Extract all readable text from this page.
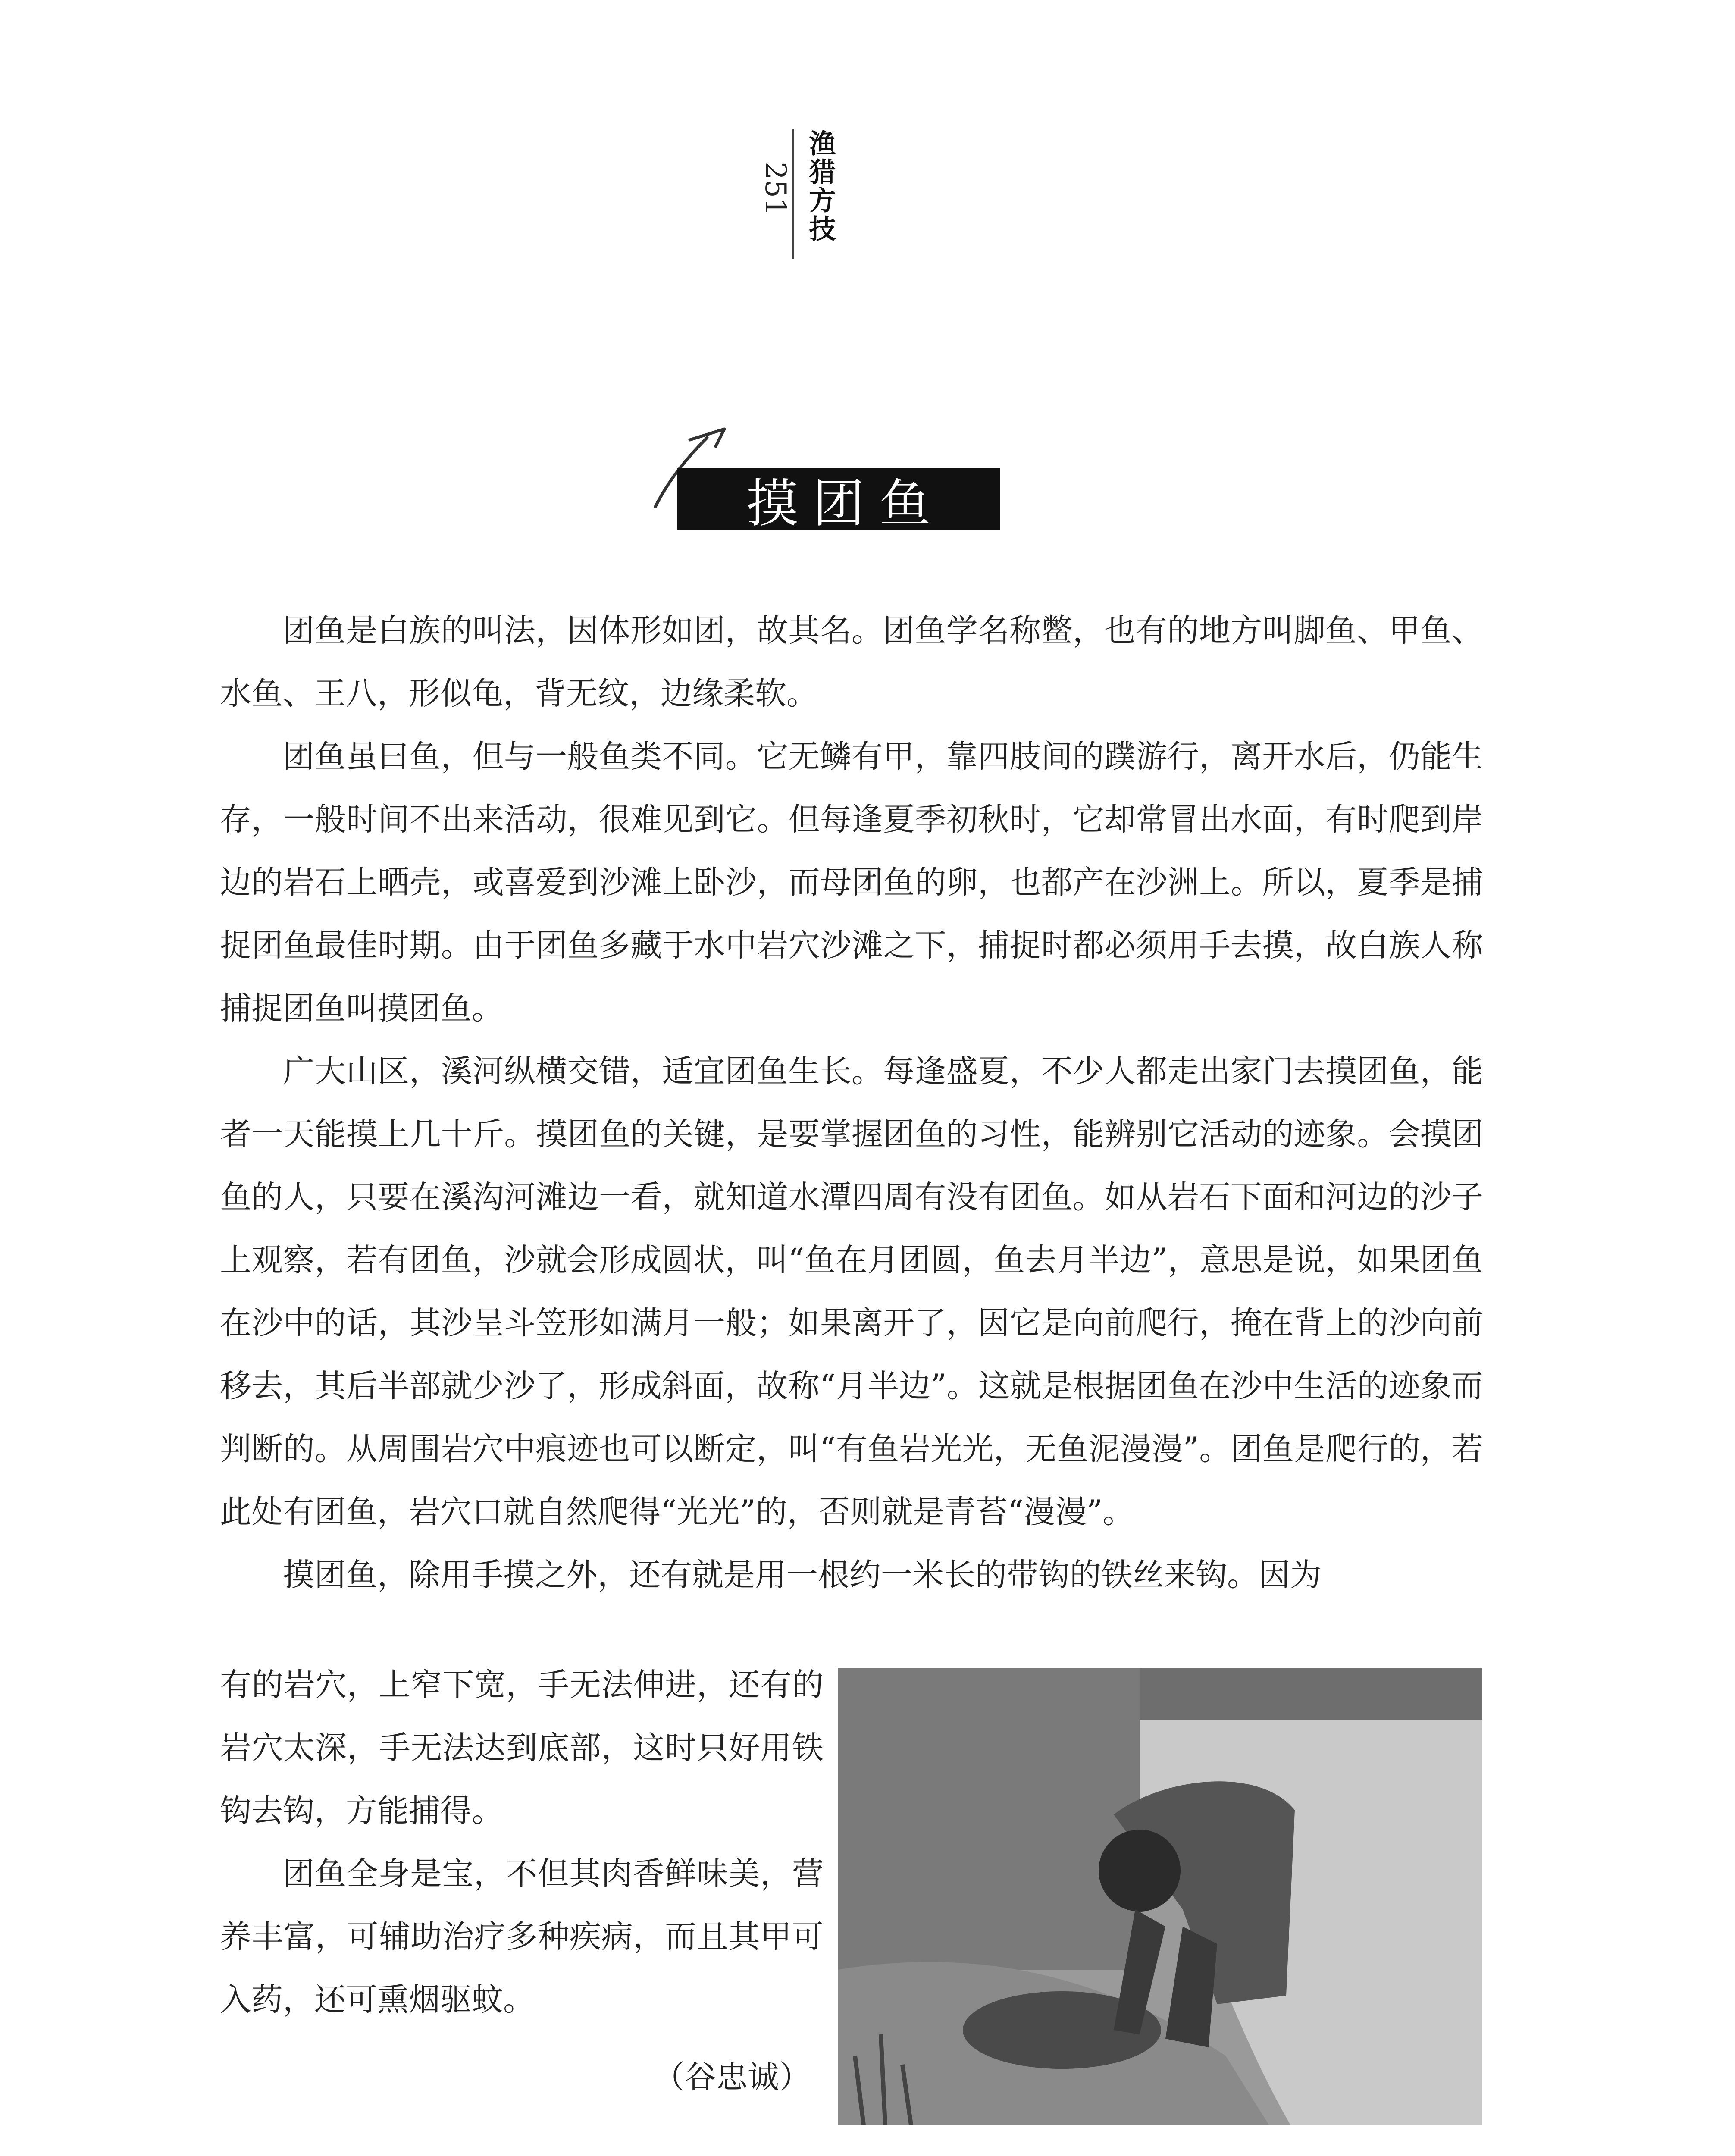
渔猎方技
251
摸团鱼

团鱼是白族的叫法，因体形如团，故其名。团鱼学名称鳖，也有的地方叫脚鱼、甲鱼、水鱼、王八，形似龟，背无纹，边缘柔软。

团鱼虽曰鱼，但与一般鱼类不同。它无鳞有甲，靠四肢间的蹼游行，离开水后，仍能生存，一般时间不出来活动，很难见到它。但每逢夏季初秋时，它却常冒出水面，有时爬到岸边的岩石上晒壳，或喜爱到沙滩上卧沙，而母团鱼的卵，也都产在沙洲上。所以，夏季是捕捉团鱼最佳时期。由于团鱼多藏于水中岩穴沙滩之下，捕捉时都必须用手去摸，故白族人称捕捉团鱼叫摸团鱼。

广大山区，溪河纵横交错，适宜团鱼生长。每逢盛夏，不少人都走出家门去摸团鱼，能者一天能摸上几十斤。摸团鱼的关键，是要掌握团鱼的习性，能辨别它活动的迹象。会摸团鱼的人，只要在溪沟河滩边一看，就知道水潭四周有没有团鱼。如从岩石下面和河边的沙子上观察，若有团鱼，沙就会形成圆状，叫“鱼在月团圆，鱼去月半边”，意思是说，如果团鱼在沙中的话，其沙呈斗笠形如满月一般；如果离开了，因它是向前爬行，掩在背上的沙向前移去，其后半部就少沙了，形成斜面，故称“月半边”。这就是根据团鱼在沙中生活的迹象而判断的。从周围岩穴中痕迹也可以断定，叫“有鱼岩光光，无鱼泥漫漫”。团鱼是爬行的，若此处有团鱼，岩穴口就自然爬得“光光”的，否则就是青苔“漫漫”。

摸团鱼，除用手摸之外，还有就是用一根约一米长的带钩的铁丝来钩。因为

有的岩穴，上窄下宽，手无法伸进，还有的岩穴太深，手无法达到底部，这时只好用铁钩去钩，方能捕得。

团鱼全身是宝，不但其肉香鲜味美，营养丰富，可辅助治疗多种疾病，而且其甲可入药，还可熏烟驱蚊。

（谷忠诚）
